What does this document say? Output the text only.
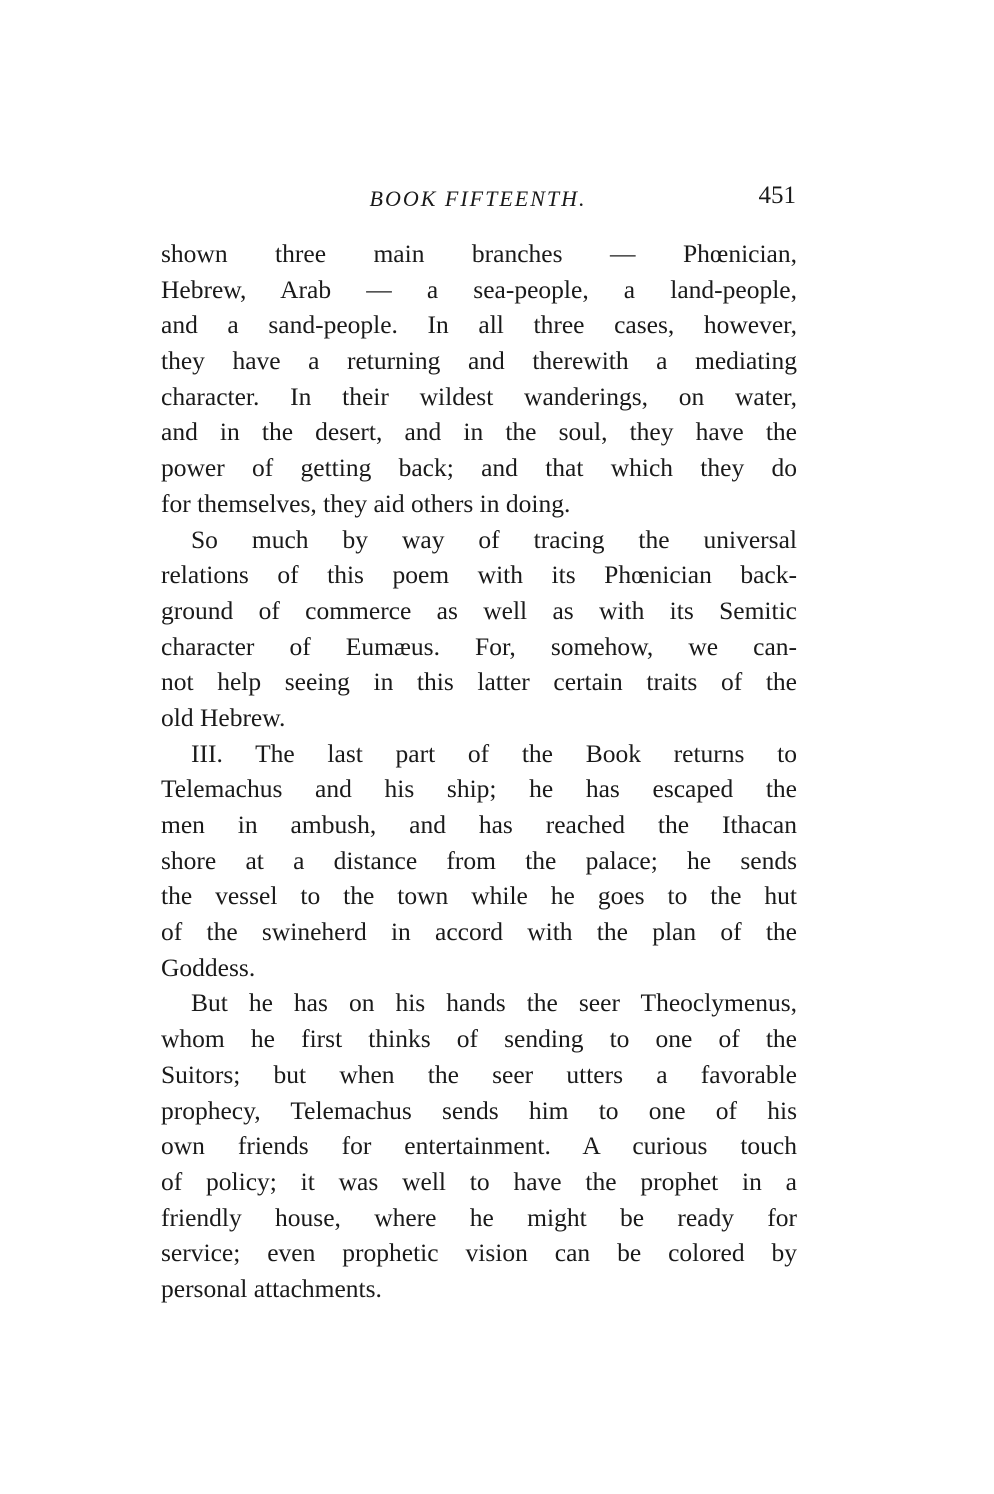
BOOK FIFTEENTH.	451

shown three main branches — Phœnician,
Hebrew, Arab — a sea-people, a land-people,
and a sand-people. In all three cases, however,
they have a returning and therewith a mediating
character. In their wildest wanderings, on water,
and in the desert, and in the soul, they have the
power of getting back; and that which they do
for themselves, they aid others in doing.

So much by way of tracing the universal
relations of this poem with its Phœnician back-
ground of commerce as well as with its Semitic
character of Eumæus. For, somehow, we can-
not help seeing in this latter certain traits of the
old Hebrew.

III. The last part of the Book returns to
Telemachus and his ship; he has escaped the
men in ambush, and has reached the Ithacan
shore at a distance from the palace; he sends
the vessel to the town while he goes to the hut
of the swineherd in accord with the plan of the
Goddess.

But he has on his hands the seer Theoclymenus,
whom he first thinks of sending to one of the
Suitors; but when the seer utters a favorable
prophecy, Telemachus sends him to one of his
own friends for entertainment. A curious touch
of policy; it was well to have the prophet in a
friendly house, where he might be ready for
service; even prophetic vision can be colored by
personal attachments.
